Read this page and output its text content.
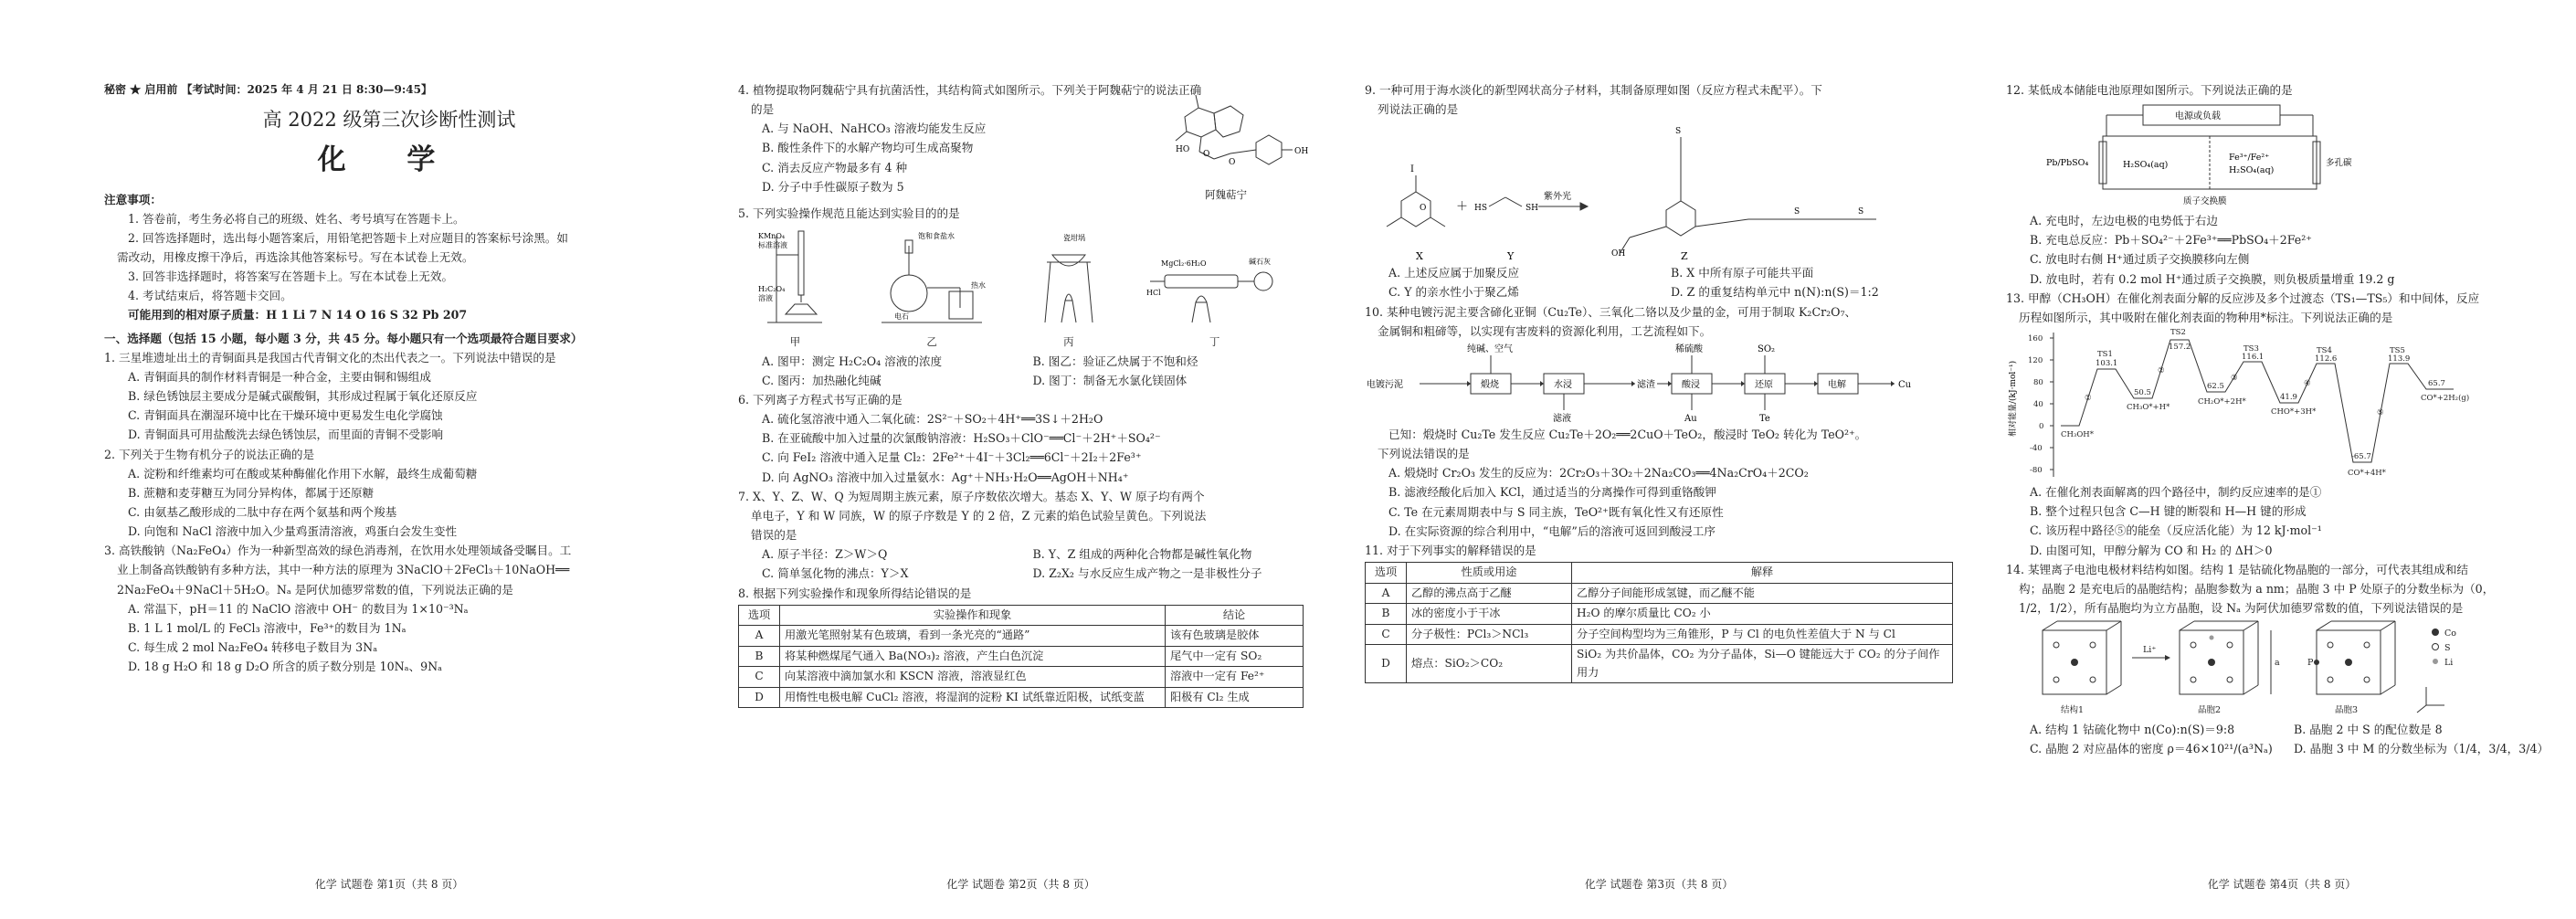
秘密 ★ 启用前 【考试时间：2025 年 4 月 21 日 8:30—9:45】
高 2022 级第三次诊断性测试
化 学
注意事项：
1. 答卷前，考生务必将自己的班级、姓名、考号填写在答题卡上。
2. 回答选择题时，选出每小题答案后，用铅笔把答题卡上对应题目的答案标号涂黑。如
需改动，用橡皮擦干净后，再选涂其他答案标号。写在本试卷上无效。
3. 回答非选择题时，将答案写在答题卡上。写在本试卷上无效。
4. 考试结束后，将答题卡交回。
可能用到的相对原子质量：H 1 Li 7 N 14 O 16 S 32 Pb 207
一、选择题（包括 15 小题，每小题 3 分，共 45 分。每小题只有一个选项最符合题目要求）
1. 三星堆遗址出土的青铜面具是我国古代青铜文化的杰出代表之一。下列说法中错误的是
A. 青铜面具的制作材料青铜是一种合金，主要由铜和锡组成
B. 绿色锈蚀层主要成分是碱式碳酸铜，其形成过程属于氧化还原反应
C. 青铜面具在潮湿环境中比在干燥环境中更易发生电化学腐蚀
D. 青铜面具可用盐酸洗去绿色锈蚀层，而里面的青铜不受影响
2. 下列关于生物有机分子的说法正确的是
A. 淀粉和纤维素均可在酸或某种酶催化作用下水解，最终生成葡萄糖
B. 蔗糖和麦芽糖互为同分异构体，都属于还原糖
C. 由氨基乙酸形成的二肽中存在两个氨基和两个羧基
D. 向饱和 NaCl 溶液中加入少量鸡蛋清溶液，鸡蛋白会发生变性
3. 高铁酸钠（Na₂FeO₄）作为一种新型高效的绿色消毒剂，在饮用水处理领域备受瞩目。工
业上制备高铁酸钠有多种方法，其中一种方法的原理为 3NaClO＋2FeCl₃＋10NaOH══
2Na₂FeO₄＋9NaCl＋5H₂O。Nₐ 是阿伏加德罗常数的值，下列说法正确的是
A. 常温下，pH＝11 的 NaClO 溶液中 OH⁻ 的数目为 1×10⁻³Nₐ
B. 1 L 1 mol/L 的 FeCl₃ 溶液中，Fe³⁺的数目为 1Nₐ
C. 每生成 2 mol Na₂FeO₄ 转移电子数目为 3Nₐ
D. 18 g H₂O 和 18 g D₂O 所含的质子数分别是 10Nₐ、9Nₐ
化学 试题卷 第1页（共 8 页）
4. 植物提取物阿魏萜宁具有抗菌活性，其结构简式如图所示。下列关于阿魏萜宁的说法正确
的是
A. 与 NaOH、NaHCO₃ 溶液均能发生反应
B. 酸性条件下的水解产物均可生成高聚物
C. 消去反应产物最多有 4 种
D. 分子中手性碳原子数为 5
OH
O
O
HO
阿魏萜宁
5. 下列实验操作规范且能达到实验目的的是
KMnO₄
标准溶液
H₂C₂O₄
溶液
甲
饱和食盐水
电石
热水
乙
瓷坩埚
丙
MgCl₂·6H₂O
HCl
碱石灰
丁
A. 图甲：测定 H₂C₂O₄ 溶液的浓度	B. 图乙：验证乙炔属于不饱和烃
C. 图丙：加热融化纯碱	D. 图丁：制备无水氯化镁固体
6. 下列离子方程式书写正确的是
A. 硫化氢溶液中通入二氧化硫：2S²⁻＋SO₂＋4H⁺══3S↓＋2H₂O
B. 在亚硫酸中加入过量的次氯酸钠溶液：H₂SO₃＋ClO⁻══Cl⁻＋2H⁺＋SO₄²⁻
C. 向 FeI₂ 溶液中通入足量 Cl₂：2Fe²⁺＋4I⁻＋3Cl₂══6Cl⁻＋2I₂＋2Fe³⁺
D. 向 AgNO₃ 溶液中加入过量氨水：Ag⁺＋NH₃·H₂O══AgOH＋NH₄⁺
7. X、Y、Z、W、Q 为短周期主族元素，原子序数依次增大。基态 X、Y、W 原子均有两个
单电子，Y 和 W 同族，W 的原子序数是 Y 的 2 倍，Z 元素的焰色试验呈黄色。下列说法
错误的是
A. 原子半径：Z＞W＞Q	B. Y、Z 组成的两种化合物都是碱性氧化物
C. 简单氢化物的沸点：Y＞X	D. Z₂X₂ 与水反应生成产物之一是非极性分子
8. 根据下列实验操作和现象所得结论错误的是
选项	实验操作和现象	结论
A	用激光笔照射某有色玻璃，看到一条光亮的“通路”	该有色玻璃是胶体
B	将某种燃煤尾气通入 Ba(NO₃)₂ 溶液，产生白色沉淀	尾气中一定有 SO₂
C	向某溶液中滴加氯水和 KSCN 溶液，溶液显红色	溶液中一定有 Fe²⁺
D	用惰性电极电解 CuCl₂ 溶液，将湿润的淀粉 KI 试纸靠近阳极，试纸变蓝	阳极有 Cl₂ 生成
化学 试题卷 第2页（共 8 页）
9. 一种可用于海水淡化的新型网状高分子材料，其制备原理如图（反应方程式未配平）。下
列说法正确的是
I
O	＋ HS	SH
紫外光
S
S	S
OH
X	Y	Z
A. 上述反应属于加聚反应	B. X 中所有原子可能共平面
C. Y 的亲水性小于聚乙烯	D. Z 的重复结构单元中 n(N):n(S)＝1:2
10. 某种电镀污泥主要含碲化亚铜（Cu₂Te）、三氧化二铬以及少量的金，可用于制取 K₂Cr₂O₇、
金属铜和粗碲等，以实现有害废料的资源化利用，工艺流程如下。
电镀污泥
纯碱、空气
煅烧	水浸
滤液
滤渣
稀硫酸
酸浸
Au
SO₂
还原
Te
电解	Cu
已知：煅烧时 Cu₂Te 发生反应 Cu₂Te＋2O₂══2CuO＋TeO₂，酸浸时 TeO₂ 转化为 TeO²⁺。
下列说法错误的是
A. 煅烧时 Cr₂O₃ 发生的反应为：2Cr₂O₃＋3O₂＋2Na₂CO₃══4Na₂CrO₄＋2CO₂
B. 滤液经酸化后加入 KCl，通过适当的分离操作可得到重铬酸钾
C. Te 在元素周期表中与 S 同主族，TeO²⁺既有氧化性又有还原性
D. 在实际资源的综合利用中，“电解”后的溶液可返回到酸浸工序
11. 对于下列事实的解释错误的是
选项	性质或用途	解释
A	乙醇的沸点高于乙醚	乙醇分子间能形成氢键，而乙醚不能
B	冰的密度小于干冰	H₂O 的摩尔质量比 CO₂ 小
C	分子极性：PCl₃＞NCl₃	分子空间构型均为三角锥形，P 与 Cl 的电负性差值大于 N 与 Cl
D	熔点：SiO₂＞CO₂	SiO₂ 为共价晶体，CO₂ 为分子晶体，Si—O 键能远大于 CO₂ 的分子间作用力
化学 试题卷 第3页（共 8 页）
12. 某低成本储能电池原理如图所示。下列说法正确的是
电源或负载
Pb/PbSO₄	H₂SO₄(aq)
Fe³⁺/Fe²⁺
H₂SO₄(aq)
多孔碳
质子交换膜
A. 充电时，左边电极的电势低于右边
B. 充电总反应：Pb＋SO₄²⁻＋2Fe³⁺══PbSO₄＋2Fe²⁺
C. 放电时右侧 H⁺通过质子交换膜移向左侧
D. 放电时，若有 0.2 mol H⁺通过质子交换膜，则负极质量增重 19.2 g
13. 甲醇（CH₃OH）在催化剂表面分解的反应涉及多个过渡态（TS₁—TS₅）和中间体，反应
历程如图所示，其中吸附在催化剂表面的物种用*标注。下列说法正确的是
160
120
80
40
0
-40
-80
TS1
103.1
50.5
TS2
157.2
62.5
TS3
116.1
41.9
TS4
112.6
-65.7
TS5
113.9
65.7
CH₃OH*
CH₃O*+H*
CH₂O*+2H*
CHO*+3H*
CO*+4H*
CO*+2H₂(g)
①
②
③
④
⑤
相对能量/(kJ·mol⁻¹)
A. 在催化剂表面解离的四个路径中，制约反应速率的是①
B. 整个过程只包含 C—H 键的断裂和 H—H 键的形成
C. 该历程中路径⑤的能垒（反应活化能）为 12 kJ·mol⁻¹
D. 由图可知，甲醇分解为 CO 和 H₂ 的 ΔH＞0
14. 某锂离子电池电极材料结构如图。结构 1 是钴硫化物晶胞的一部分，可代表其组成和结
构；晶胞 2 是充电后的晶胞结构；晶胞参数为 a nm；晶胞 3 中 P 处原子的分数坐标为（0，
1/2，1/2），所有晶胞均为立方晶胞，设 Nₐ 为阿伏加德罗常数的值，下列说法错误的是
Li⁺
a	P
Co
S
Li
结构1	晶胞2	晶胞3
A. 结构 1 钴硫化物中 n(Co):n(S)＝9:8	B. 晶胞 2 中 S 的配位数是 8
C. 晶胞 2 对应晶体的密度 ρ＝46×10²¹/(a³Nₐ)	D. 晶胞 3 中 M 的分数坐标为（1/4，3/4，3/4）
化学 试题卷 第4页（共 8 页）
